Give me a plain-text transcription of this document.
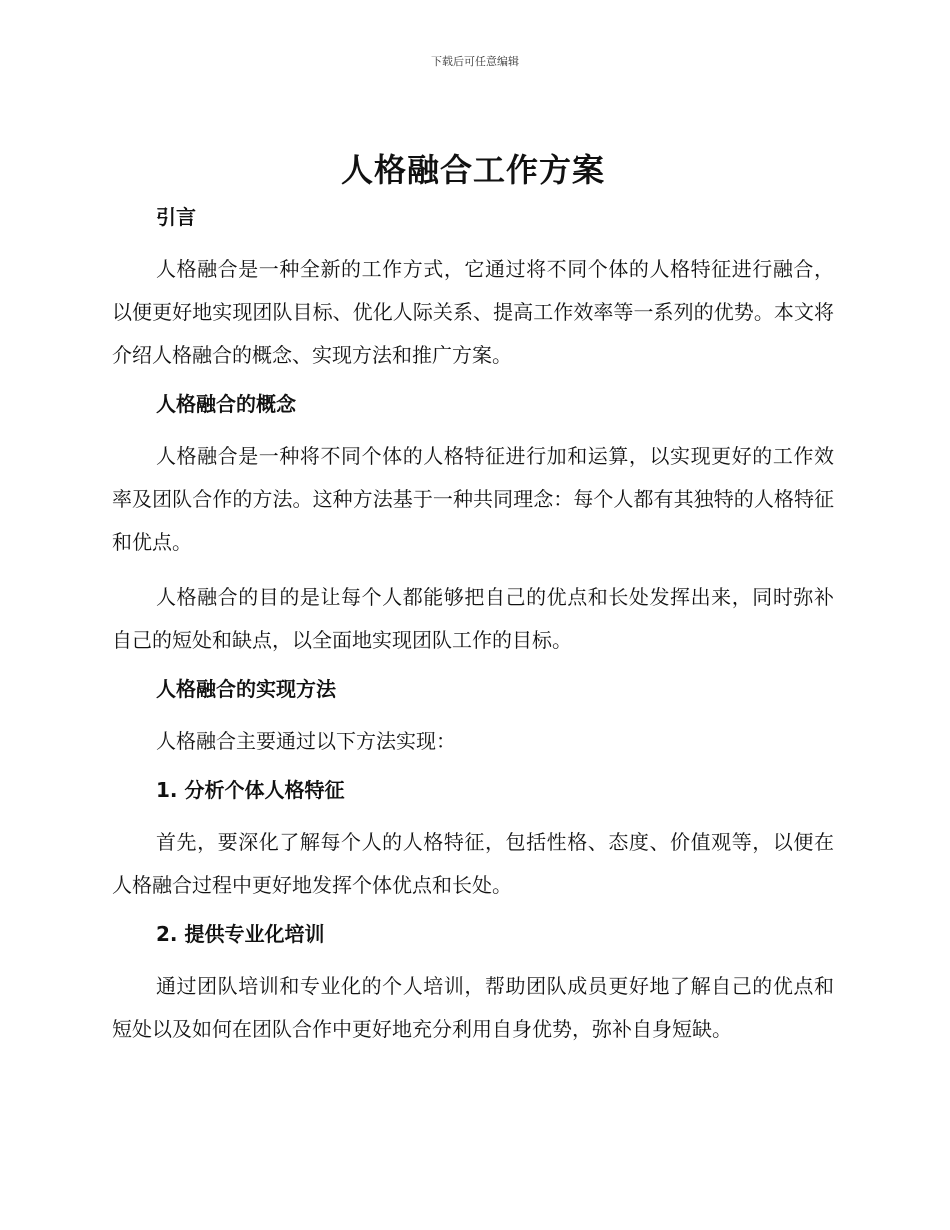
下载后可任意编辑
人格融合工作方案
引言

人格融合是一种全新的工作方式，它通过将不同个体的人格特征进行融合，以便更好地实现团队目标、优化人际关系、提高工作效率等一系列的优势。本文将介绍人格融合的概念、实现方法和推广方案。

人格融合的概念

人格融合是一种将不同个体的人格特征进行加和运算，以实现更好的工作效率及团队合作的方法。这种方法基于一种共同理念：每个人都有其独特的人格特征和优点。

人格融合的目的是让每个人都能够把自己的优点和长处发挥出来，同时弥补自己的短处和缺点，以全面地实现团队工作的目标。

人格融合的实现方法

人格融合主要通过以下方法实现：

1. 分析个体人格特征

首先，要深化了解每个人的人格特征，包括性格、态度、价值观等，以便在人格融合过程中更好地发挥个体优点和长处。

2. 提供专业化培训

通过团队培训和专业化的个人培训，帮助团队成员更好地了解自己的优点和短处以及如何在团队合作中更好地充分利用自身优势，弥补自身短缺。
